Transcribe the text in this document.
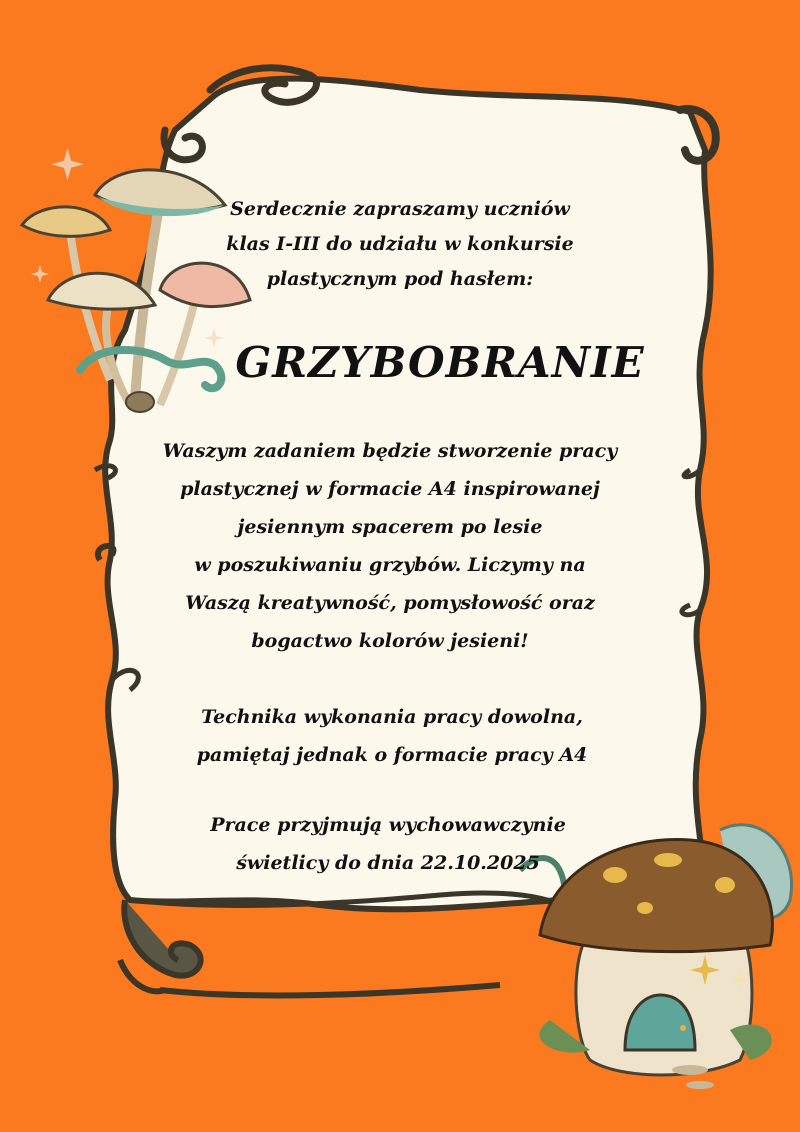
Serdecznie zapraszamy uczniów
klas I-III do udziału w konkursie
plastycznym pod hasłem:
GRZYBOBRANIE
Waszym zadaniem będzie stworzenie pracy
plastycznej w formacie A4 inspirowanej
jesiennym spacerem po lesie
w poszukiwaniu grzybów. Liczymy na
Waszą kreatywność, pomysłowość oraz
bogactwo kolorów jesieni!
Technika wykonania pracy dowolna,
pamiętaj jednak o formacie pracy A4
Prace przyjmują wychowawczynie
świetlicy do dnia 22.10.2025
